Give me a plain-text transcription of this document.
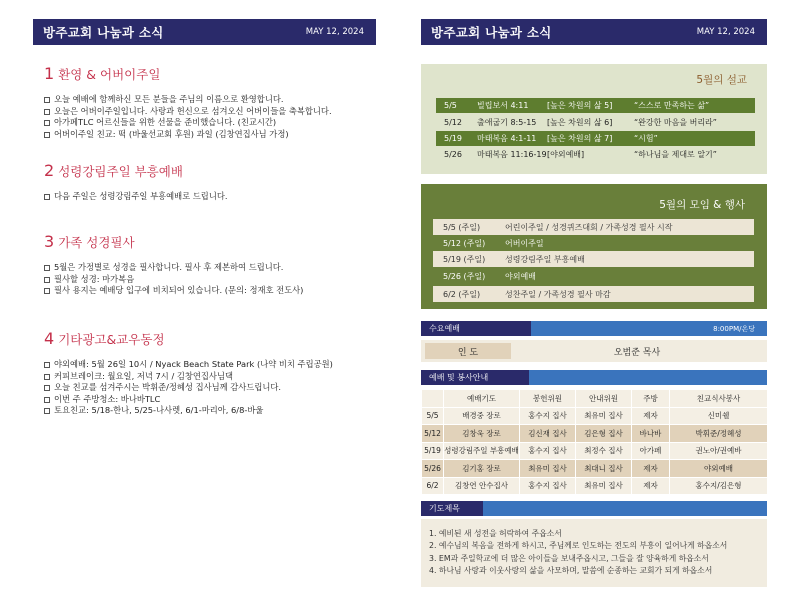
방주교회 나눔과 소식	MAY 12, 2024	방주교회 나눔과 소식	MAY 12, 2024
1 환영 & 어버이주일
오늘 예배에 함께하신 모든 분들을 주님의 이름으로 환영합니다.
오늘은 어버이주일입니다. 사랑과 헌신으로 섬겨오신 어버이들을 축복합니다.
아가페TLC 어르신들을 위한 선물을 준비했습니다. (친교시간)
어버이주일 친교: 떡 (바울선교회 후원) 과일 (김창연집사님 가정)
2 성령강림주일 부흥예배
다음 주일은 성령강림주일 부흥예배로 드립니다.
3 가족 성경필사
5월은 가정별로 성경을 필사합니다. 필사 후 제본하여 드립니다.
필사할 성경: 마가복음
필사 용지는 예배당 입구에 비치되어 있습니다. (문의: 정재호 전도사)
4 기타광고&교우동정
야외예배: 5월 26일 10시 / Nyack Beach State Park (나약 비치 주립공원)
커피브레이크: 월요일, 저녁 7시 / 김창연집사님댁
오늘 친교를 섬겨주시는 박휘준/정혜성 집사님께 감사드립니다.
이번 주 주방청소: 바나바TLC
토요친교: 5/18-한나, 5/25-나사렛, 6/1-마리아, 6/8-바울
5월의 설교
5/5	빌립보서 4:11	[높은 차원의 삶 5]	“스스로 만족하는 삶”
5/12	출애굽기 8:5-15	[높은 차원의 삶 6]	“완강한 마음을 버리라”
5/19	마태복음 4:1-11	[높은 차원의 삶 7]	“시험”
5/26	마태복음 11:16-19 [야외예배]	“하나님을 제대로 알기”
5월의 모임 & 행사
5/5 (주일)	어린이주일 / 성경퀴즈대회 / 가족성경 필사 시작
5/12 (주일)	어버이주일
5/19 (주일)	성령강림주일 부흥예배
5/26 (주일)	야외예배
6/2 (주일)	성찬주일 / 가족성경 필사 마감
수요예배	8:00PM/온당
인 도	오범준 목사
예배 및 봉사안내
	예배기도	봉헌위원	안내위원	주방	친교식사봉사
5/5	배경중 장로	홍수지 집사	최유미 집사	제자	신미쉘
5/12	김창욱 장로	김신재 집사	김은형 집사	바나바	박휘준/정혜성
5/19	성령강림주일 부흥예배	홍수지 집사	최정수 집사	아가페	권노아/권예바
5/26	김기홍 장로	최유미 집사	최대니 집사	제자	야외예배
6/2	김창연 안수집사	홍수지 집사	최유미 집사	제자	홍수지/김은형
기도제목
1. 예비된 새 성전을 허락하여 주옵소서
2. 예수님의 복음을 전하게 하시고, 주님께로 인도하는 전도의 부흥이 일어나게 하옵소서
3. EM과 주일학교에 더 많은 아이들을 보내주옵시고, 그들을 잘 양육하게 하옵소서
4. 하나님 사랑과 이웃사랑의 삶을 사모하며, 말씀에 순종하는 교회가 되게 하옵소서
